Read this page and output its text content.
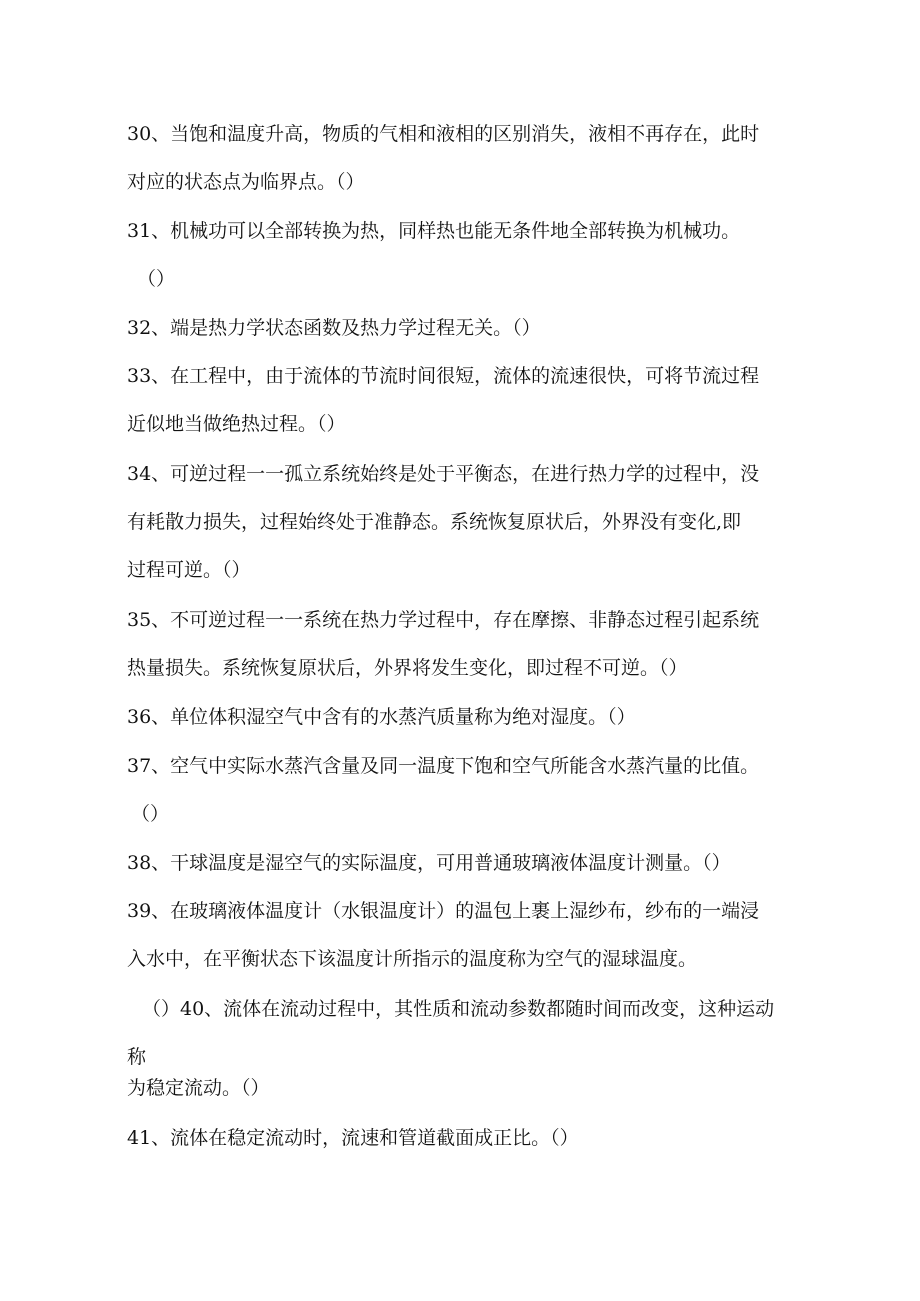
30、当饱和温度升高，物质的气相和液相的区别消失，液相不再存在，此时
对应的状态点为临界点。（）
31、机械功可以全部转换为热，同样热也能无条件地全部转换为机械功。
（）
32、端是热力学状态函数及热力学过程无关。（）
33、在工程中，由于流体的节流时间很短，流体的流速很快，可将节流过程
近似地当做绝热过程。（）
34、可逆过程一一孤立系统始终是处于平衡态，在进行热力学的过程中，没
有耗散力损失，过程始终处于准静态。系统恢复原状后，外界没有变化,即
过程可逆。（）
35、不可逆过程一一系统在热力学过程中，存在摩擦、非静态过程引起系统
热量损失。系统恢复原状后，外界将发生变化，即过程不可逆。（）
36、单位体积湿空气中含有的水蒸汽质量称为绝对湿度。（）
37、空气中实际水蒸汽含量及同一温度下饱和空气所能含水蒸汽量的比值。
（）
38、干球温度是湿空气的实际温度，可用普通玻璃液体温度计测量。（）
39、在玻璃液体温度计（水银温度计）的温包上裹上湿纱布，纱布的一端浸
入水中，在平衡状态下该温度计所指示的温度称为空气的湿球温度。
（）40、流体在流动过程中，其性质和流动参数都随时间而改变，这种运动
称
为稳定流动。（）
41、流体在稳定流动时，流速和管道截面成正比。（）
